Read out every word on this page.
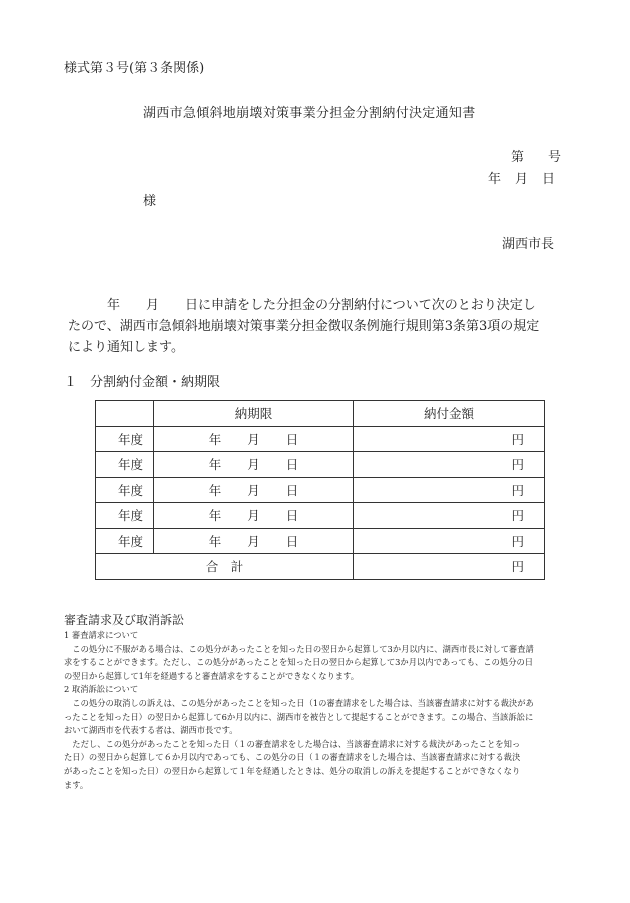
様式第３号(第３条関係)
湖西市急傾斜地崩壊対策事業分担金分割納付決定通知書
第 号
年 月 日
様
湖西市長
　　　年　　月　　日に申請をした分担金の分割納付について次のとおり決定し
たので、湖西市急傾斜地崩壊対策事業分担金徴収条例施行規則第3条第3項の規定
により通知します。
１　分割納付金額・納期限
	納期限	納付金額
年度	年 月 日	円
年度	年 月 日	円
年度	年 月 日	円
年度	年 月 日	円
年度	年 月 日	円
合　計		円
審査請求及び取消訴訟
1 審査請求について
　この処分に不服がある場合は、この処分があったことを知った日の翌日から起算して3か月以内に、湖西市長に対して審査請
求をすることができます。ただし、この処分があったことを知った日の翌日から起算して3か月以内であっても、この処分の日
の翌日から起算して1年を経過すると審査請求をすることができなくなります。
2 取消訴訟について
　この処分の取消しの訴えは、この処分があったことを知った日（1の審査請求をした場合は、当該審査請求に対する裁決があ
ったことを知った日）の翌日から起算して6か月以内に、湖西市を被告として提起することができます。この場合、当該訴訟に
おいて湖西市を代表する者は、湖西市長です。
　ただし、この処分があったことを知った日（１の審査請求をした場合は、当該審査請求に対する裁決があったことを知っ
た日）の翌日から起算して６か月以内であっても、この処分の日（１の審査請求をした場合は、当該審査請求に対する裁決
があったことを知った日）の翌日から起算して１年を経過したときは、処分の取消しの訴えを提起することができなくなり
ます。
